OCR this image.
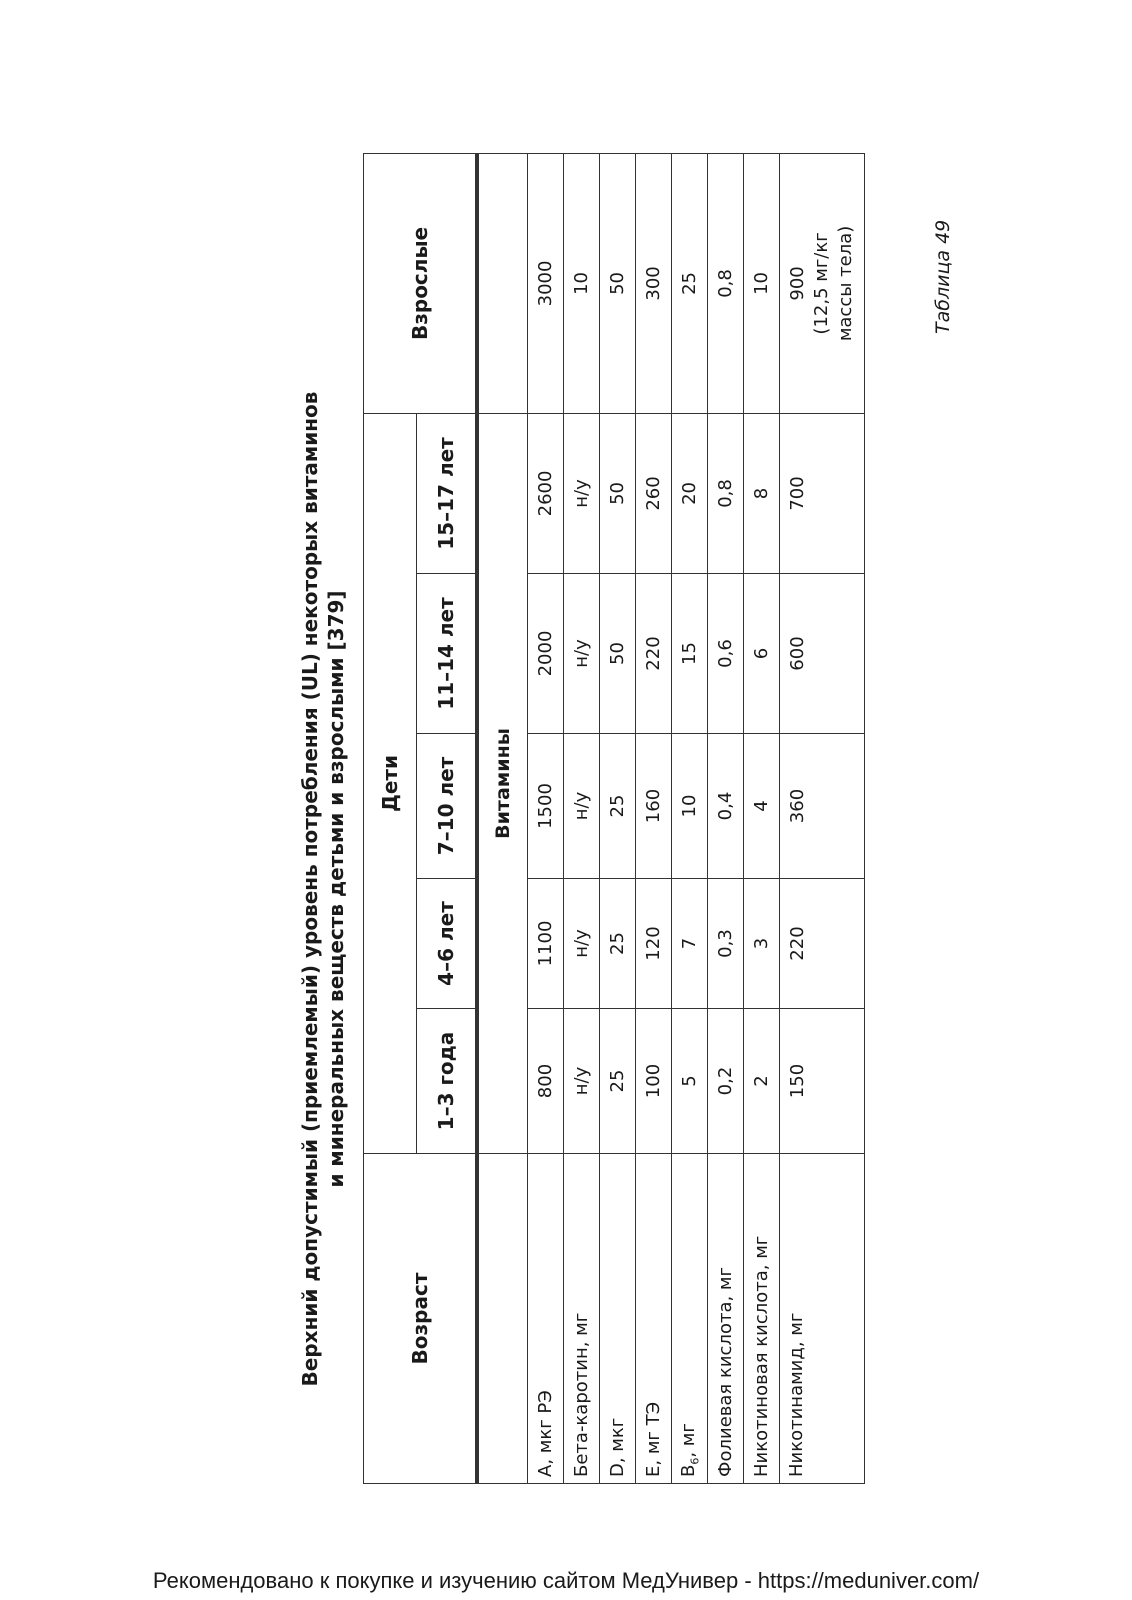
Таблица 49
Верхний допустимый (приемлемый) уровень потребления (UL) некоторых витаминов и минеральных веществ детьми и взрослыми [379]
Возраст	Дети					Взрослые
	1–3 года	4–6 лет	7–10 лет	11–14 лет	15–17 лет	
	Витамины					
А, мкг РЭ	800	1100	1500	2000	2600	3000
Бета-каротин, мг	н/у	н/у	н/у	н/у	н/у	10
D, мкг	25	25	25	50	50	50
Е, мг ТЭ	100	120	160	220	260	300
$В_6$, мг	5	7	10	15	20	25
Фолиевая кислота, мг	0,2	0,3	0,4	0,6	0,8	0,8
Никотиновая кислота, мг	2	3	4	6	8	10
Никотинамид, мг	150	220	360	600	700	900 (12,5 мг/кг массы тела)
Рекомендовано к покупке и изучению сайтом МедУнивер - https://meduniver.com/
